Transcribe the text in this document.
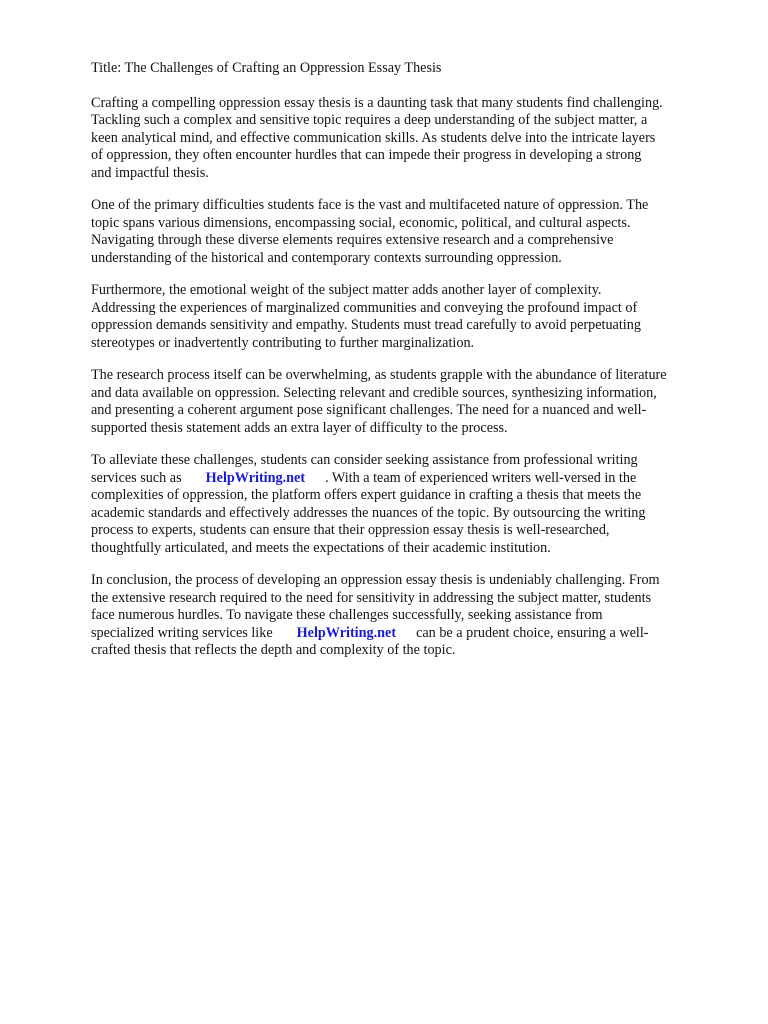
Title: The Challenges of Crafting an Oppression Essay Thesis
Crafting a compelling oppression essay thesis is a daunting task that many students find challenging.
Tackling such a complex and sensitive topic requires a deep understanding of the subject matter, a
keen analytical mind, and effective communication skills. As students delve into the intricate layers
of oppression, they often encounter hurdles that can impede their progress in developing a strong
and impactful thesis.
One of the primary difficulties students face is the vast and multifaceted nature of oppression. The
topic spans various dimensions, encompassing social, economic, political, and cultural aspects.
Navigating through these diverse elements requires extensive research and a comprehensive
understanding of the historical and contemporary contexts surrounding oppression.
Furthermore, the emotional weight of the subject matter adds another layer of complexity.
Addressing the experiences of marginalized communities and conveying the profound impact of
oppression demands sensitivity and empathy. Students must tread carefully to avoid perpetuating
stereotypes or inadvertently contributing to further marginalization.
The research process itself can be overwhelming, as students grapple with the abundance of literature
and data available on oppression. Selecting relevant and credible sources, synthesizing information,
and presenting a coherent argument pose significant challenges. The need for a nuanced and well-
supported thesis statement adds an extra layer of difficulty to the process.
To alleviate these challenges, students can consider seeking assistance from professional writing
services such as HelpWriting.net . With a team of experienced writers well-versed in the
complexities of oppression, the platform offers expert guidance in crafting a thesis that meets the
academic standards and effectively addresses the nuances of the topic. By outsourcing the writing
process to experts, students can ensure that their oppression essay thesis is well-researched,
thoughtfully articulated, and meets the expectations of their academic institution.
In conclusion, the process of developing an oppression essay thesis is undeniably challenging. From
the extensive research required to the need for sensitivity in addressing the subject matter, students
face numerous hurdles. To navigate these challenges successfully, seeking assistance from
specialized writing services like HelpWriting.net can be a prudent choice, ensuring a well-
crafted thesis that reflects the depth and complexity of the topic.
